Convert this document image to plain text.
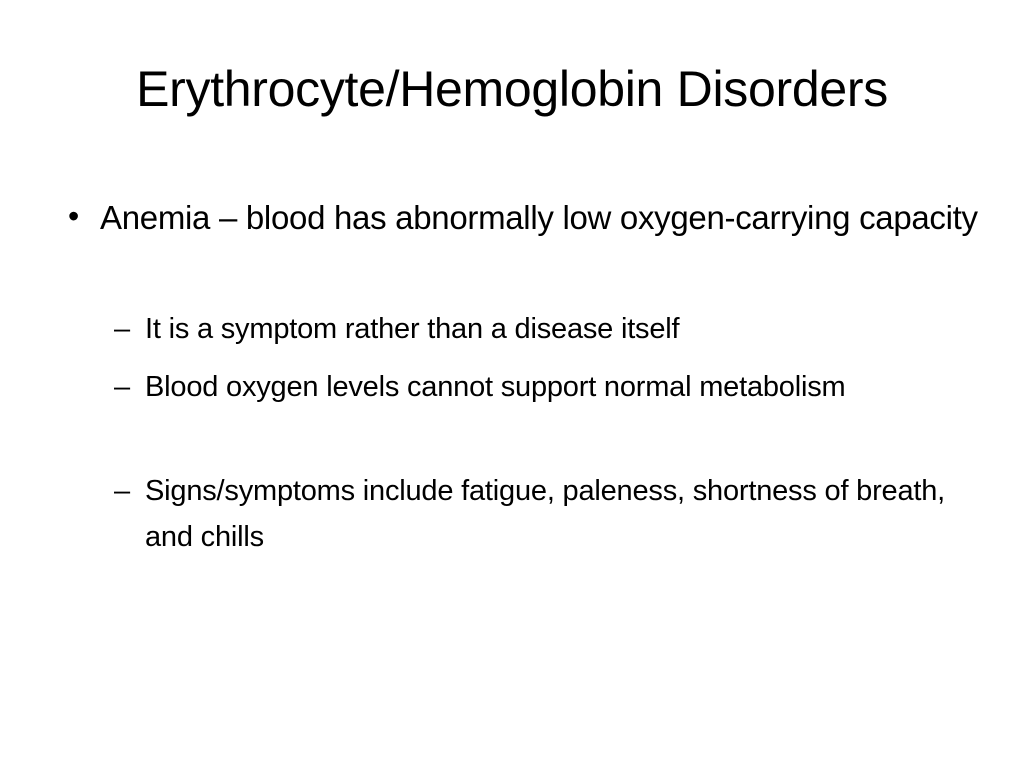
Erythrocyte/Hemoglobin Disorders
• Anemia – blood has abnormally low oxygen-carrying capacity
– It is a symptom rather than a disease itself
– Blood oxygen levels cannot support normal metabolism
– Signs/symptoms include fatigue, paleness, shortness of breath, and chills
